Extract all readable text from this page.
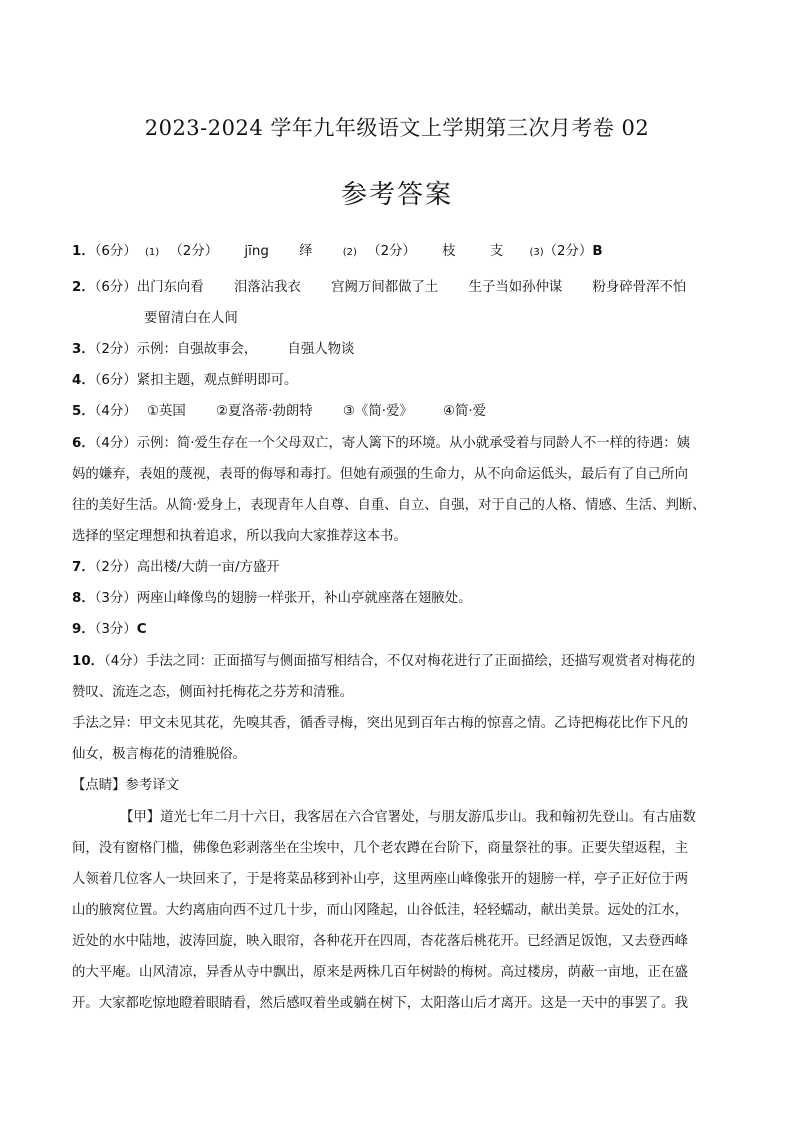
2023-2024 学年九年级语文上学期第三次月考卷 02
参考答案
1．（6分） (1) （2分） jīng 绎	(2) （2分） 枝	支	(3)（2分）B
2．（6分）出门东向看 泪落沾我衣 宫阙万间都做了土 生子当如孙仲谋 粉身碎骨浑不怕
要留清白在人间
3．（2分）示例：自强故事会， 自强人物谈
4．（6分）紧扣主题，观点鲜明即可。
5．（4分） ①英国 ②夏洛蒂·勃朗特 ③《简·爱》 ④简·爱
6．（4分）示例：简·爱生存在一个父母双亡，寄人篱下的环境。从小就承受着与同龄人不一样的待遇：姨
妈的嫌弃，表姐的蔑视，表哥的侮辱和毒打。但她有顽强的生命力，从不向命运低头，最后有了自己所向
往的美好生活。从简·爱身上，表现青年人自尊、自重、自立、自强，对于自己的人格、情感、生活、判断、
选择的坚定理想和执着追求，所以我向大家推荐这本书。
7．（2分）高出楼/大荫一亩/方盛开
8．（3分）两座山峰像鸟的翅膀一样张开，补山亭就座落在翅腋处。
9．（3分）C
10．（4分）手法之同：正面描写与侧面描写相结合，不仅对梅花进行了正面描绘，还描写观赏者对梅花的
赞叹、流连之态，侧面衬托梅花之芬芳和清雅。
手法之异：甲文未见其花，先嗅其香，循香寻梅，突出见到百年古梅的惊喜之情。乙诗把梅花比作下凡的
仙女，极言梅花的清雅脱俗。
【点睛】参考译文
【甲】道光七年二月十六日，我客居在六合官署处，与朋友游瓜步山。我和翰初先登山。有古庙数
间，没有窗格门槛，佛像色彩剥落坐在尘埃中，几个老农蹲在台阶下，商量祭社的事。正要失望返程，主
人领着几位客人一块回来了，于是将菜品移到补山亭，这里两座山峰像张开的翅膀一样，亭子正好位于两
山的腋窝位置。大约离庙向西不过几十步，而山冈隆起，山谷低洼，轻轻蠕动，献出美景。远处的江水，
近处的水中陆地，波涛回旋，映入眼帘，各种花开在四周，杏花落后桃花开。已经酒足饭饱，又去登西峰
的大平庵。山风清凉，异香从寺中飘出，原来是两株几百年树龄的梅树。高过楼房，荫蔽一亩地，正在盛
开。大家都吃惊地瞪着眼睛看，然后感叹着坐或躺在树下，太阳落山后才离开。这是一天中的事罢了。我
